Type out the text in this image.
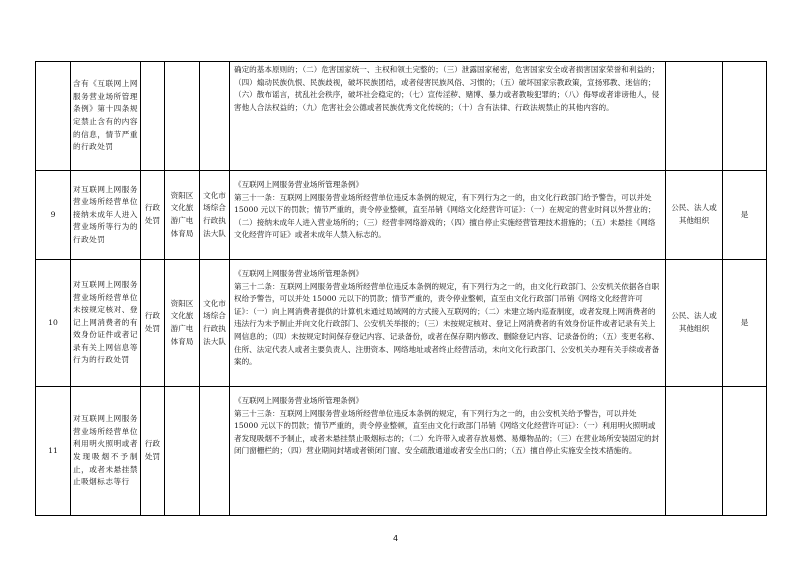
	含有《互联网上网服务营业场所管理条例》第十四条规定禁止含有的内容的信息，情节严重的行政处罚				确定的基本原则的；（二）危害国家统一、主权和领土完整的；（三）泄露国家秘密，危害国家安全或者损害国家荣誉和利益的；（四）煽动民族仇恨、民族歧视，破坏民族团结，或者侵害民族风俗、习惯的；（五）破坏国家宗教政策，宣扬邪教、迷信的；（六）散布谣言，扰乱社会秩序，破坏社会稳定的；（七）宣传淫秽、赌博、暴力或者教唆犯罪的；（八）侮辱或者诽谤他人，侵害他人合法权益的；（九）危害社会公德或者民族优秀文化传统的；（十）含有法律、行政法规禁止的其他内容的。		

9	对互联网上网服务营业场所经营单位接纳未成年人进入营业场所等行为的行政处罚	行政处罚	资阳区文化旅游广电体育局	文化市场综合行政执法大队	《互联网上网服务营业场所管理条例》

第三十一条：互联网上网服务营业场所经营单位违反本条例的规定，有下列行为之一的，由文化行政部门给予警告，可以并处 15000 元以下的罚款；情节严重的，责令停业整顿，直至吊销《网络文化经营许可证》：（一）在规定的营业时间以外营业的；（二）接纳未成年人进入营业场所的；（三）经营非网络游戏的；（四）擅自停止实施经营管理技术措施的；（五）未悬挂《网络文化经营许可证》或者未成年人禁入标志的。	公民、法人或其他组织	是
10	对互联网上网服务营业场所经营单位未按规定核对、登记上网消费者的有效身份证件或者记录有关上网信息等行为的行政处罚	行政处罚	资阳区文化旅游广电体育局	文化市场综合行政执法大队	《互联网上网服务营业场所管理条例》

第三十二条：互联网上网服务营业场所经营单位违反本条例的规定，有下列行为之一的，由文化行政部门、公安机关依据各自职权给予警告，可以并处 15000 元以下的罚款；情节严重的，责令停业整顿，直至由文化行政部门吊销《网络文化经营许可证》：（一）向上网消费者提供的计算机未通过局域网的方式接入互联网的；（二）未建立场内巡查制度，或者发现上网消费者的违法行为未予制止并向文化行政部门、公安机关举报的；（三）未按规定核对、登记上网消费者的有效身份证件或者记录有关上网信息的；（四）未按规定时间保存登记内容、记录备份，或者在保存期内修改、删除登记内容、记录备份的；（五）变更名称、住所、法定代表人或者主要负责人、注册资本、网络地址或者终止经营活动，未向文化行政部门、公安机关办理有关手续或者备案的。	公民、法人或其他组织	是
11	对互联网上网服务营业场所经营单位利用明火照明或者发现吸烟不予制止，或者未悬挂禁止吸烟标志等行	行政处罚			《互联网上网服务营业场所管理条例》

第三十三条：互联网上网服务营业场所经营单位违反本条例的规定，有下列行为之一的，由公安机关给予警告，可以并处 15000 元以下的罚款；情节严重的，责令停业整顿，直至由文化行政部门吊销《网络文化经营许可证》：（一）利用明火照明或者发现吸烟不予制止，或者未悬挂禁止吸烟标志的；（二）允许带入或者存放易燃、易爆物品的；（三）在营业场所安装固定的封闭门窗栅栏的；（四）营业期间封堵或者锁闭门窗、安全疏散通道或者安全出口的；（五）擅自停止实施安全技术措施的。		

4
